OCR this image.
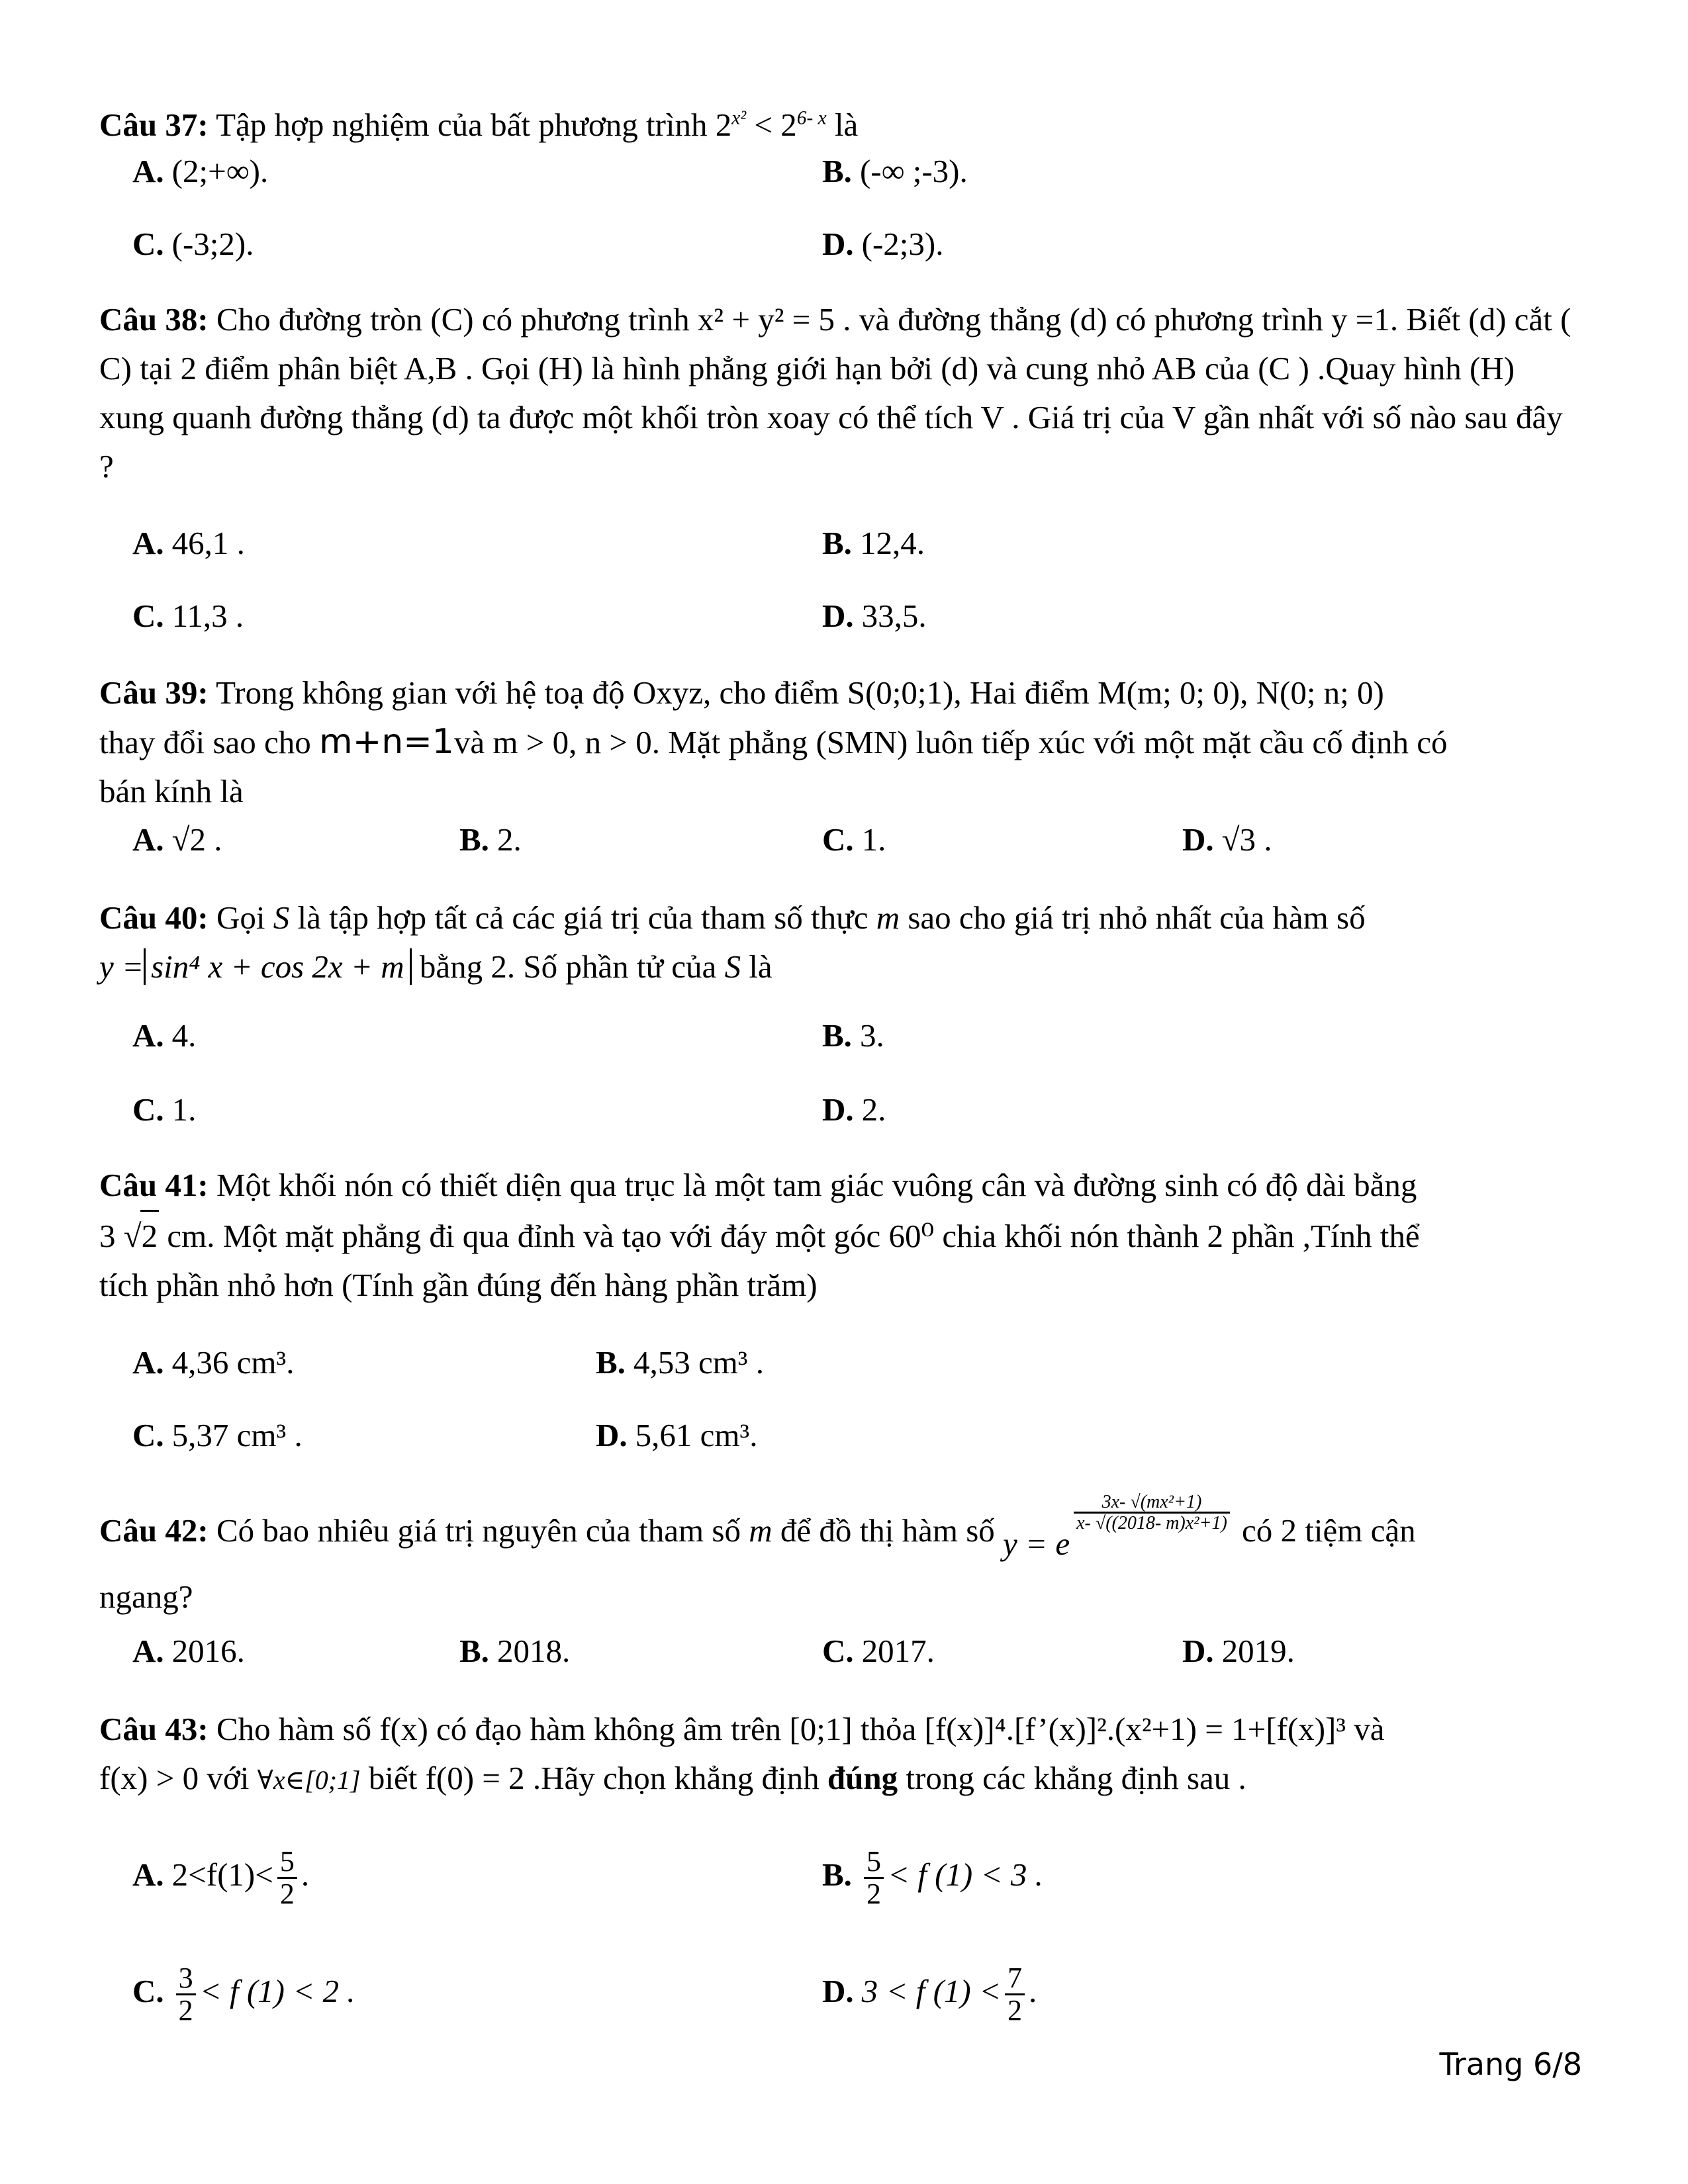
Câu 37: Tập hợp nghiệm của bất phương trình $2^{x^2} < 2^{6- x}$ là

A. (2;+∞).	B. (-∞ ;-3).
C. (-3;2).	D. (-2;3).

Câu 38: Cho đường tròn (C) có phương trình x² + y² = 5 . và đường thẳng (d) có phương trình y =1. Biết (d) cắt ( C) tại 2 điểm phân biệt A,B . Gọi (H) là hình phẳng giới hạn bởi (d) và cung nhỏ AB của (C ) .Quay hình (H) xung quanh đường thẳng (d) ta được một khối tròn xoay có thể tích V . Giá trị của V gần nhất với số nào sau đây ?

A. 46,1 .	B. 12,4.
C. 11,3 .	D. 33,5.

Câu 39: Trong không gian với hệ toạ độ Oxyz, cho điểm S(0;0;1), Hai điểm M(m; 0; 0), N(0; n; 0)
thay đổi sao cho m+n=1và m > 0, n > 0. Mặt phẳng (SMN) luôn tiếp xúc với một mặt cầu cố định có
bán kính là

A. √2 .	B. 2.	C. 1.	D. √3 .

Câu 40: Gọi S là tập hợp tất cả các giá trị của tham số thực m sao cho giá trị nhỏ nhất của hàm số
y = sin⁴ x + cos 2x + m bằng 2. Số phần tử của S là

A. 4.	B. 3.
C. 1.	D. 2.

Câu 41: Một khối nón có thiết diện qua trục là một tam giác vuông cân và đường sinh có độ dài bằng
3 √2 cm. Một mặt phẳng đi qua đỉnh và tạo với đáy một góc 60⁰ chia khối nón thành 2 phần ,Tính thể
tích phần nhỏ hơn (Tính gần đúng đến hàng phần trăm)

A. 4,36 cm³.	B. 4,53 cm³ .
C. 5,37 cm³ .	D. 5,61 cm³.

Câu 42: Có bao nhiêu giá trị nguyên của tham số m để đồ thị hàm số y = e
$\frac{\text{3x- √(mx²+1)}}{\text{x- √((2018- m)x²+1)}}$ có 2 tiệm cận
ngang?

A. 2016.	B. 2018.	C. 2017.	D. 2019.

Câu 43: Cho hàm số f(x) có đạo hàm không âm trên [0;1] thỏa [f(x)]⁴.[f’(x)]².(x²+1) = 1+[f(x)]³ và
f(x) > 0 với ∀x∈[0;1] biết f(0) = 2 .Hãy chọn khẳng định đúng trong các khẳng định sau .

A. $2<f(1)< \frac{5}{2}$ .	B. $\frac{5}{2} < f$ (1) < 3 .
C. $\frac{3}{2} < f$ (1) < 2 .	D. 3 < f $(1) < \frac{7}{2}$ .
Trang 6/8
